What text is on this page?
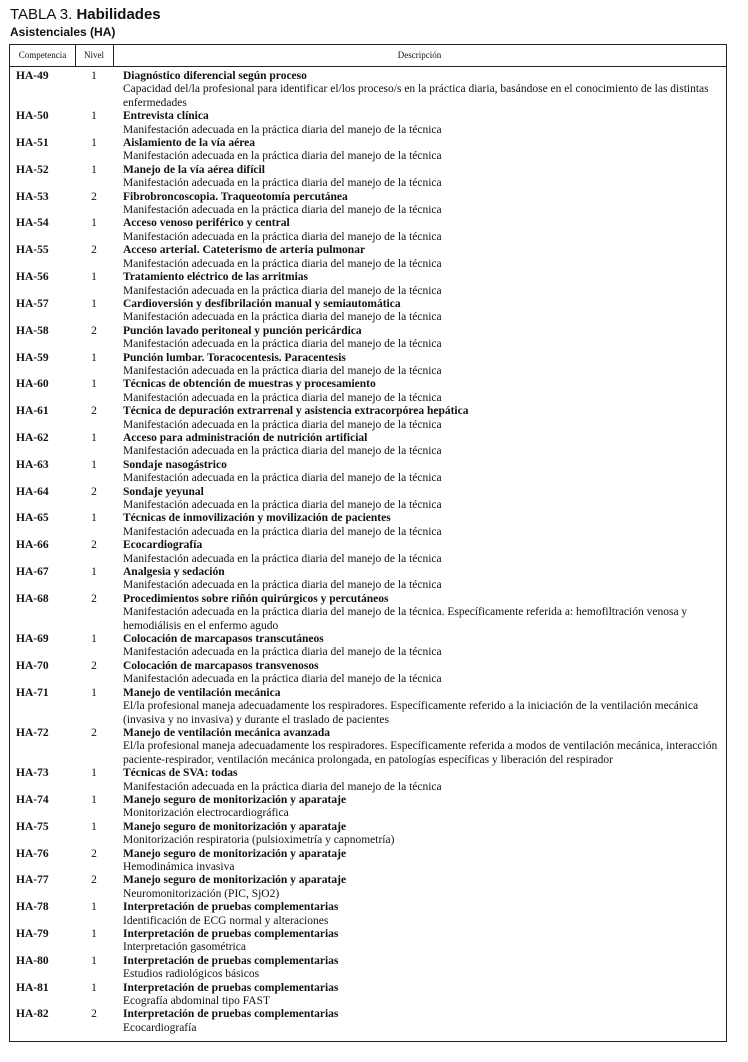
TABLA 3. Habilidades
Asistenciales (HA)
Competencia	Nivel	Descripción
HA-49	1	Diagnóstico diferencial según proceso
Capacidad del/la profesional para identificar el/los proceso/s en la práctica diaria, basándose en el conocimiento de las distintas enfermedades
HA-50	1	Entrevista clínica
Manifestación adecuada en la práctica diaria del manejo de la técnica
HA-51	1	Aislamiento de la vía aérea
Manifestación adecuada en la práctica diaria del manejo de la técnica
HA-52	1	Manejo de la vía aérea difícil
Manifestación adecuada en la práctica diaria del manejo de la técnica
HA-53	2	Fibrobroncoscopia. Traqueotomía percutánea
Manifestación adecuada en la práctica diaria del manejo de la técnica
HA-54	1	Acceso venoso periférico y central
Manifestación adecuada en la práctica diaria del manejo de la técnica
HA-55	2	Acceso arterial. Cateterismo de arteria pulmonar
Manifestación adecuada en la práctica diaria del manejo de la técnica
HA-56	1	Tratamiento eléctrico de las arritmias
Manifestación adecuada en la práctica diaria del manejo de la técnica
HA-57	1	Cardioversión y desfibrilación manual y semiautomática
Manifestación adecuada en la práctica diaria del manejo de la técnica
HA-58	2	Punción lavado peritoneal y punción pericárdica
Manifestación adecuada en la práctica diaria del manejo de la técnica
HA-59	1	Punción lumbar. Toracocentesis. Paracentesis
Manifestación adecuada en la práctica diaria del manejo de la técnica
HA-60	1	Técnicas de obtención de muestras y procesamiento
Manifestación adecuada en la práctica diaria del manejo de la técnica
HA-61	2	Técnica de depuración extrarrenal y asistencia extracorpórea hepática
Manifestación adecuada en la práctica diaria del manejo de la técnica
HA-62	1	Acceso para administración de nutrición artificial
Manifestación adecuada en la práctica diaria del manejo de la técnica
HA-63	1	Sondaje nasogástrico
Manifestación adecuada en la práctica diaria del manejo de la técnica
HA-64	2	Sondaje yeyunal
Manifestación adecuada en la práctica diaria del manejo de la técnica
HA-65	1	Técnicas de inmovilización y movilización de pacientes
Manifestación adecuada en la práctica diaria del manejo de la técnica
HA-66	2	Ecocardiografía
Manifestación adecuada en la práctica diaria del manejo de la técnica
HA-67	1	Analgesia y sedación
Manifestación adecuada en la práctica diaria del manejo de la técnica
HA-68	2	Procedimientos sobre riñón quirúrgicos y percutáneos
Manifestación adecuada en la práctica diaria del manejo de la técnica. Específicamente referida a: hemofiltración venosa y hemodiálisis en el enfermo agudo
HA-69	1	Colocación de marcapasos transcutáneos
Manifestación adecuada en la práctica diaria del manejo de la técnica
HA-70	2	Colocación de marcapasos transvenosos
Manifestación adecuada en la práctica diaria del manejo de la técnica
HA-71	1	Manejo de ventilación mecánica
El/la profesional maneja adecuadamente los respiradores. Específicamente referido a la iniciación de la ventilación mecánica (invasiva y no invasiva) y durante el traslado de pacientes
HA-72	2	Manejo de ventilación mecánica avanzada
El/la profesional maneja adecuadamente los respiradores. Específicamente referida a modos de ventilación mecánica, interacción paciente-respirador, ventilación mecánica prolongada, en patologías específicas y liberación del respirador
HA-73	1	Técnicas de SVA: todas
Manifestación adecuada en la práctica diaria del manejo de la técnica
HA-74	1	Manejo seguro de monitorización y aparataje
Monitorización electrocardiográfica
HA-75	1	Manejo seguro de monitorización y aparataje
Monitorización respiratoria (pulsioximetría y capnometría)
HA-76	2	Manejo seguro de monitorización y aparataje
Hemodinámica invasiva
HA-77	2	Manejo seguro de monitorización y aparataje
Neuromonitorización (PIC, SjO2)
HA-78	1	Interpretación de pruebas complementarias
Identificación de ECG normal y alteraciones
HA-79	1	Interpretación de pruebas complementarias
Interpretación gasométrica
HA-80	1	Interpretación de pruebas complementarias
Estudios radiológicos básicos
HA-81	1	Interpretación de pruebas complementarias
Ecografía abdominal tipo FAST
HA-82	2	Interpretación de pruebas complementarias
Ecocardiografía
